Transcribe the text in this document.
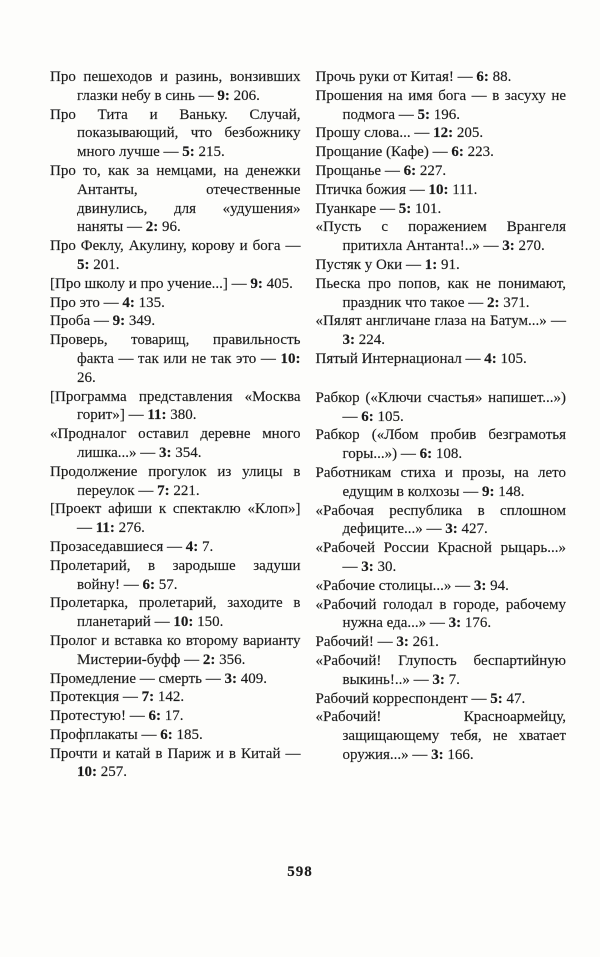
Про пешеходов и разинь, вонзивших глазки небу в синь — 9: 206.

Про Тита и Ваньку. Случай, показывающий, что безбожнику много лучше — 5: 215.

Про то, как за немцами, на денежки Антанты, отечественные двинулись, для «удушения» наняты — 2: 96.

Про Феклу, Акулину, корову и бога — 5: 201.

[Про школу и про учение...] — 9: 405.

Про это — 4: 135.

Проба — 9: 349.

Проверь, товарищ, правильность факта — так или не так это — 10: 26.

[Программа представления «Москва горит»] — 11: 380.

«Продналог оставил деревне много лишка...» — 3: 354.

Продолжение прогулок из улицы в переулок — 7: 221.

[Проект афиши к спектаклю «Клоп»] — 11: 276.

Прозаседавшиеся — 4: 7.

Пролетарий, в зародыше задуши войну! — 6: 57.

Пролетарка, пролетарий, заходите в планетарий — 10: 150.

Пролог и вставка ко второму варианту Мистерии-буфф — 2: 356.

Промедление — смерть — 3: 409.

Протекция — 7: 142.

Протестую! — 6: 17.

Профплакаты — 6: 185.

Прочти и катай в Париж и в Китай — 10: 257.

Прочь руки от Китая! — 6: 88.

Прошения на имя бога — в засуху не подмога — 5: 196.

Прошу слова... — 12: 205.

Прощание (Кафе) — 6: 223.

Прощанье — 6: 227.

Птичка божия — 10: 111.

Пуанкаре — 5: 101.

«Пусть с поражением Врангеля притихла Антанта!..» — 3: 270.

Пустяк у Оки — 1: 91.

Пьеска про попов, как не понимают, праздник что такое — 2: 371.

«Пялят англичане глаза на Батум...» — 3: 224.

Пятый Интернационал — 4: 105.

Рабкор («Ключи счастья» напишет...») — 6: 105.

Рабкор («Лбом пробив безграмотья горы...») — 6: 108.

Работникам стиха и прозы, на лето едущим в колхозы — 9: 148.

«Рабочая республика в сплошном дефиците...» — 3: 427.

«Рабочей России Красной рыцарь...» — 3: 30.

«Рабочие столицы...» — 3: 94.

«Рабочий голодал в городе, рабочему нужна еда...» — 3: 176.

Рабочий! — 3: 261.

«Рабочий! Глупость беспартийную выкинь!..» — 3: 7.

Рабочий корреспондент — 5: 47.

«Рабочий! Красноармейцу, защищающему тебя, не хватает оружия...» — 3: 166.

598
